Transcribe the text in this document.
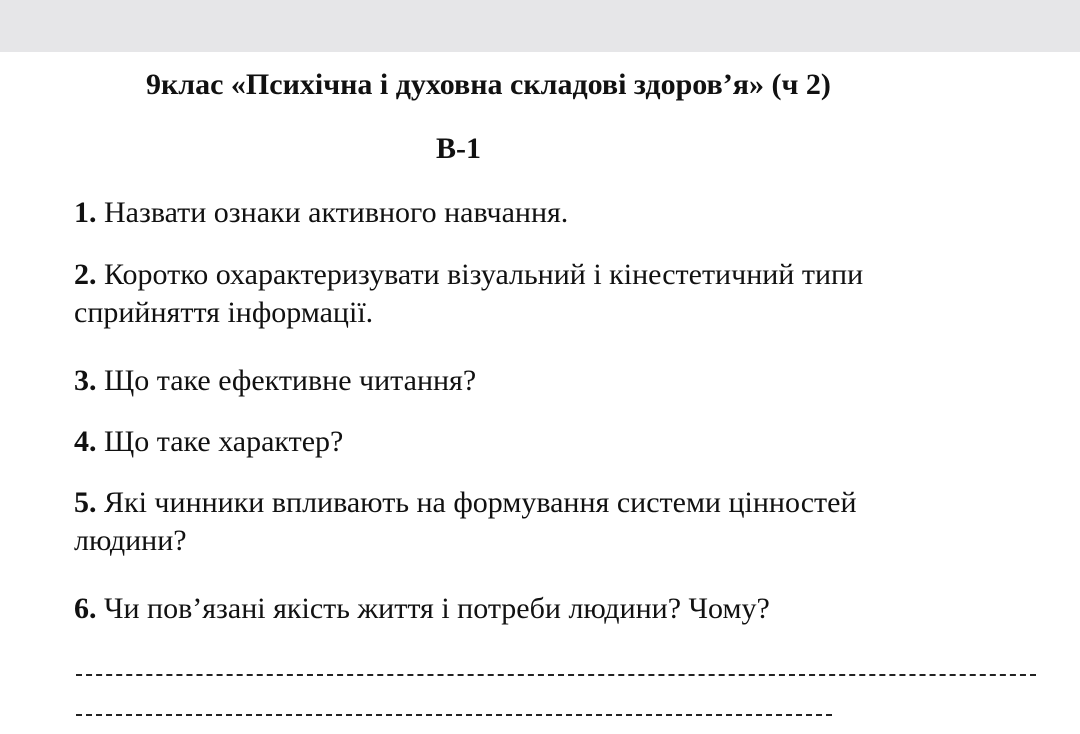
9клас «Психічна і духовна складові здоров’я» (ч 2)
В-1
1. Назвати ознаки активного навчання.
2. Коротко охарактеризувати візуальний і кінестетичний типи
сприйняття інформації.
3. Що таке ефективне читання?
4. Що таке характер?
5. Які чинники впливають на формування системи цінностей
людини?
6. Чи пов’язані якість життя і потреби людини? Чому?
